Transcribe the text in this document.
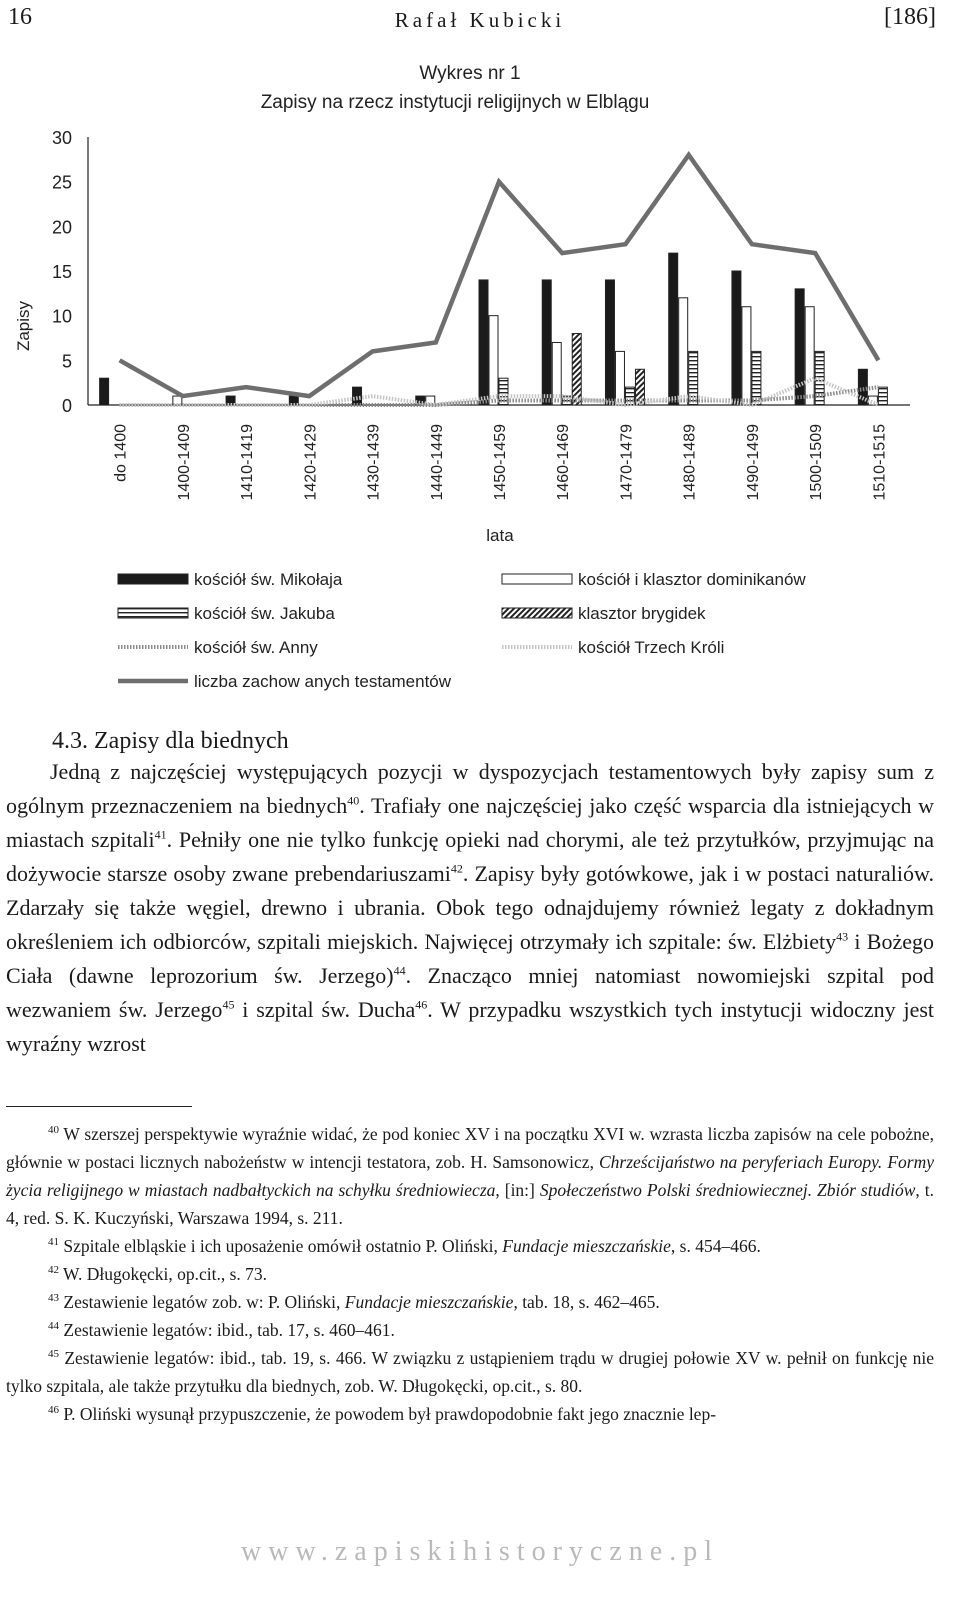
16	Rafał Kubicki	[186]
Wykres nr 1
Zapisy na rzecz instytucji religijnych w Elblągu
Zapisy
lata
0
5
10
15
20
25
30
do 1400	1400-1409	1410-1419	1420-1429	1430-1439	1440-1449	1450-1459	1460-1469	1470-1479	1480-1489	1490-1499	1500-1509	1510-1515
kościół św. Mikołaja	kościół i klasztor dominikanów
kościół św. Jakuba	klasztor brygidek
kościół św. Anny	kościół Trzech Króli
liczba zachow anych testamentów
4.3. Zapisy dla biednych

Jedną z najczęściej występujących pozycji w dyspozycjach testamentowych były zapisy sum z ogólnym przeznaczeniem na biednych$^{40}$. Trafiały one najczęściej jako część wsparcia dla istniejących w miastach szpitali$^{41}$. Pełniły one nie tylko funkcję opieki nad chorymi, ale też przytułków, przyjmując na dożywocie starsze osoby zwane prebendariuszami$^{42}$. Zapisy były gotówkowe, jak i w postaci naturaliów. Zdarzały się także węgiel, drewno i ubrania. Obok tego odnajdujemy również legaty z dokładnym określeniem ich odbiorców, szpitali miejskich. Najwięcej otrzymały ich szpitale: św. Elżbiety$^{43}$ i Bożego Ciała (dawne leprozorium św. Jerzego)$^{44}$. Znacząco mniej natomiast nowomiejski szpital pod wezwaniem św. Jerzego$^{45}$ i szpital św. Ducha$^{46}$. W przypadku wszystkich tych instytucji widoczny jest wyraźny wzrost

$^{40}$ W szerszej perspektywie wyraźnie widać, że pod koniec XV i na początku XVI w. wzrasta liczba zapisów na cele pobożne, głównie w postaci licznych nabożeństw w intencji testatora, zob. H. Samsonowicz, Chrześcijaństwo na peryferiach Europy. Formy życia religijnego w miastach nadbałtyckich na schyłku średniowiecza, [in:] Społeczeństwo Polski średniowiecznej. Zbiór studiów, t. 4, red. S. K. Kuczyński, Warszawa 1994, s. 211.

$^{41}$ Szpitale elbląskie i ich uposażenie omówił ostatnio P. Oliński, Fundacje mieszczańskie, s. 454–466.

$^{42}$ W. Długokęcki, op.cit., s. 73.

$^{43}$ Zestawienie legatów zob. w: P. Oliński, Fundacje mieszczańskie, tab. 18, s. 462–465.

$^{44}$ Zestawienie legatów: ibid., tab. 17, s. 460–461.

$^{45}$ Zestawienie legatów: ibid., tab. 19, s. 466. W związku z ustąpieniem trądu w drugiej połowie XV w. pełnił on funkcję nie tylko szpitala, ale także przytułku dla biednych, zob. W. Długokęcki, op.cit., s. 80.

$^{46}$ P. Oliński wysunął przypuszczenie, że powodem był prawdopodobnie fakt jego znacznie lep-

www.zapiskihistoryczne.pl
